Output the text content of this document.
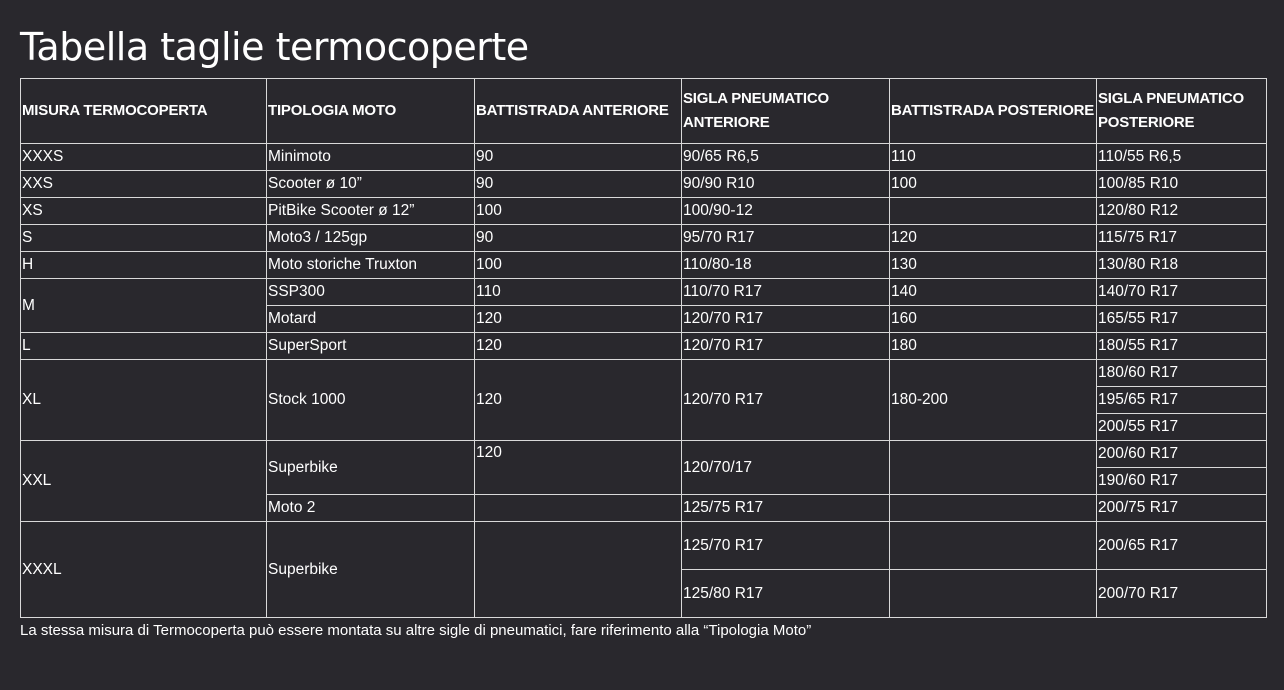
Tabella taglie termocoperte
MISURA TERMOCOPERTA	TIPOLOGIA MOTO	BATTISTRADA ANTERIORE	SIGLA PNEUMATICO ANTERIORE	BATTISTRADA POSTERIORE	SIGLA PNEUMATICO POSTERIORE
XXXS	Minimoto	90	90/65 R6,5	110	110/55 R6,5
XXS	Scooter ø 10”	90	90/90 R10	100	100/85 R10
XS	PitBike Scooter ø 12”	100	100/90-12		120/80 R12
S	Moto3 / 125gp	90	95/70 R17	120	115/75 R17
H	Moto storiche Truxton	100	110/80-18	130	130/80 R18
M	SSP300	110	110/70 R17	140	140/70 R17
	Motard	120	120/70 R17	160	165/55 R17
L	SuperSport	120	120/70 R17	180	180/55 R17
XL	Stock 1000	120	120/70 R17	180-200	180/60 R17
					195/65 R17
					200/55 R17
XXL	Superbike	120	120/70/17		200/60 R17
					190/60 R17
	Moto 2		125/75 R17		200/75 R17
XXXL	Superbike		125/70 R17		200/65 R17
			125/80 R17		200/70 R17
La stessa misura di Termocoperta può essere montata su altre sigle di pneumatici, fare riferimento alla “Tipologia Moto”
